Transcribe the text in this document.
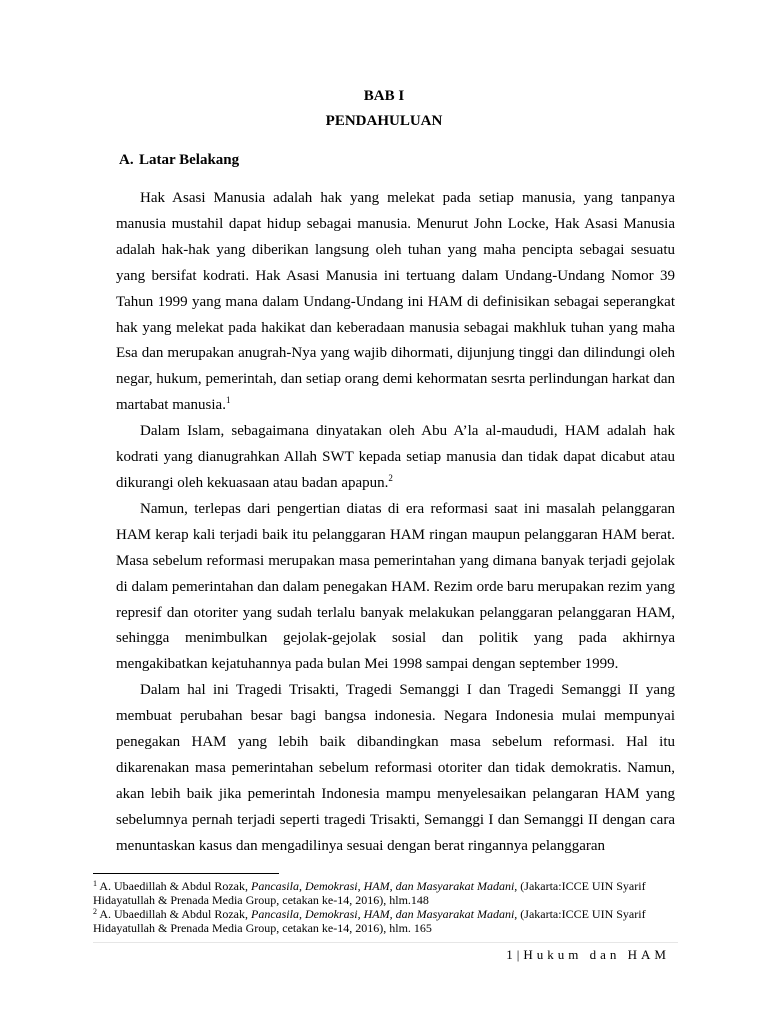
BAB I
PENDAHULUAN
A. Latar Belakang

Hak Asasi Manusia adalah hak yang melekat pada setiap manusia, yang tanpanya manusia mustahil dapat hidup sebagai manusia. Menurut John Locke, Hak Asasi Manusia adalah hak-hak yang diberikan langsung oleh tuhan yang maha pencipta sebagai sesuatu yang bersifat kodrati. Hak Asasi Manusia ini tertuang dalam Undang-Undang Nomor 39 Tahun 1999 yang mana dalam Undang-Undang ini HAM di definisikan sebagai seperangkat hak yang melekat pada hakikat dan keberadaan manusia sebagai makhluk tuhan yang maha Esa dan merupakan anugrah-Nya yang wajib dihormati, dijunjung tinggi dan dilindungi oleh negar, hukum, pemerintah, dan setiap orang demi kehormatan sesrta perlindungan harkat dan martabat manusia.$^1$

Dalam Islam, sebagaimana dinyatakan oleh Abu A’la al-maududi, HAM adalah hak kodrati yang dianugrahkan Allah SWT kepada setiap manusia dan tidak dapat dicabut atau dikurangi oleh kekuasaan atau badan apapun.$^2$

Namun, terlepas dari pengertian diatas di era reformasi saat ini masalah pelanggaran HAM kerap kali terjadi baik itu pelanggaran HAM ringan maupun pelanggaran HAM berat. Masa sebelum reformasi merupakan masa pemerintahan yang dimana banyak terjadi gejolak di dalam pemerintahan dan dalam penegakan HAM. Rezim orde baru merupakan rezim yang represif dan otoriter yang sudah terlalu banyak melakukan pelanggaran pelanggaran HAM, sehingga menimbulkan gejolak-gejolak sosial dan politik yang pada akhirnya mengakibatkan kejatuhannya pada bulan Mei 1998 sampai dengan september 1999.

Dalam hal ini Tragedi Trisakti, Tragedi Semanggi I dan Tragedi Semanggi II yang membuat perubahan besar bagi bangsa indonesia. Negara Indonesia mulai mempunyai penegakan HAM yang lebih baik dibandingkan masa sebelum reformasi. Hal itu dikarenakan masa pemerintahan sebelum reformasi otoriter dan tidak demokratis. Namun, akan lebih baik jika pemerintah Indonesia mampu menyelesaikan pelangaran HAM yang sebelumnya pernah terjadi seperti tragedi Trisakti, Semanggi I dan Semanggi II dengan cara menuntaskan kasus dan mengadilinya sesuai dengan berat ringannya pelanggaran

$^1$ A. Ubaedillah & Abdul Rozak, Pancasila, Demokrasi, HAM, dan Masyarakat Madani, (Jakarta:ICCE UIN Syarif Hidayatullah & Prenada Media Group, cetakan ke-14, 2016), hlm.148

$^2$ A. Ubaedillah & Abdul Rozak, Pancasila, Demokrasi, HAM, dan Masyarakat Madani, (Jakarta:ICCE UIN Syarif Hidayatullah & Prenada Media Group, cetakan ke-14, 2016), hlm. 165

1|Hukum dan HAM
